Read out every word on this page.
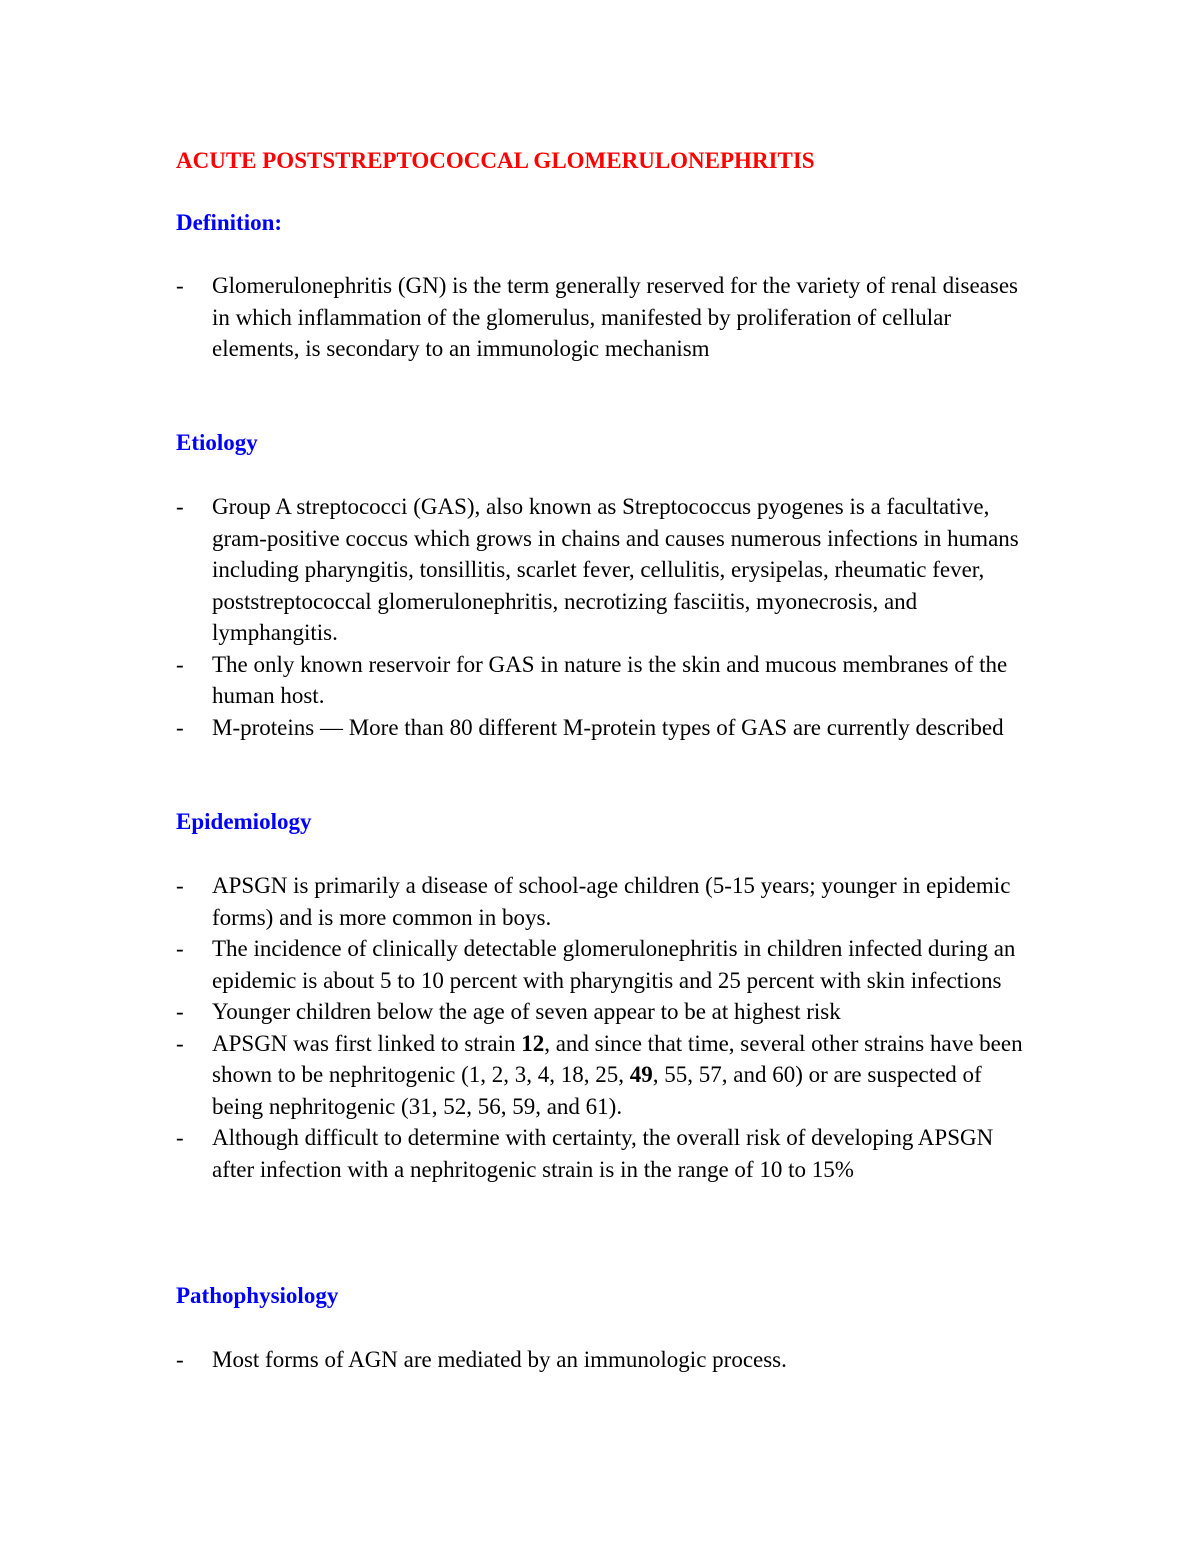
ACUTE POSTSTREPTOCOCCAL GLOMERULONEPHRITIS
Definition:
-	Glomerulonephritis (GN) is the term generally reserved for the variety of renal diseases in which inflammation of the glomerulus, manifested by proliferation of cellular elements, is secondary to an immunologic mechanism
Etiology
-	Group A streptococci (GAS), also known as Streptococcus pyogenes is a facultative, gram-positive coccus which grows in chains and causes numerous infections in humans including pharyngitis, tonsillitis, scarlet fever, cellulitis, erysipelas, rheumatic fever, poststreptococcal glomerulonephritis, necrotizing fasciitis, myonecrosis, and lymphangitis.
-	The only known reservoir for GAS in nature is the skin and mucous membranes of the human host.
-	M-proteins — More than 80 different M-protein types of GAS are currently described
Epidemiology
-	APSGN is primarily a disease of school-age children (5-15 years; younger in epidemic forms) and is more common in boys.
-	The incidence of clinically detectable glomerulonephritis in children infected during an epidemic is about 5 to 10 percent with pharyngitis and 25 percent with skin infections
-	Younger children below the age of seven appear to be at highest risk
-	APSGN was first linked to strain 12, and since that time, several other strains have been shown to be nephritogenic (1, 2, 3, 4, 18, 25, 49, 55, 57, and 60) or are suspected of being nephritogenic (31, 52, 56, 59, and 61).
-	Although difficult to determine with certainty, the overall risk of developing APSGN after infection with a nephritogenic strain is in the range of 10 to 15%
Pathophysiology
-	Most forms of AGN are mediated by an immunologic process.
